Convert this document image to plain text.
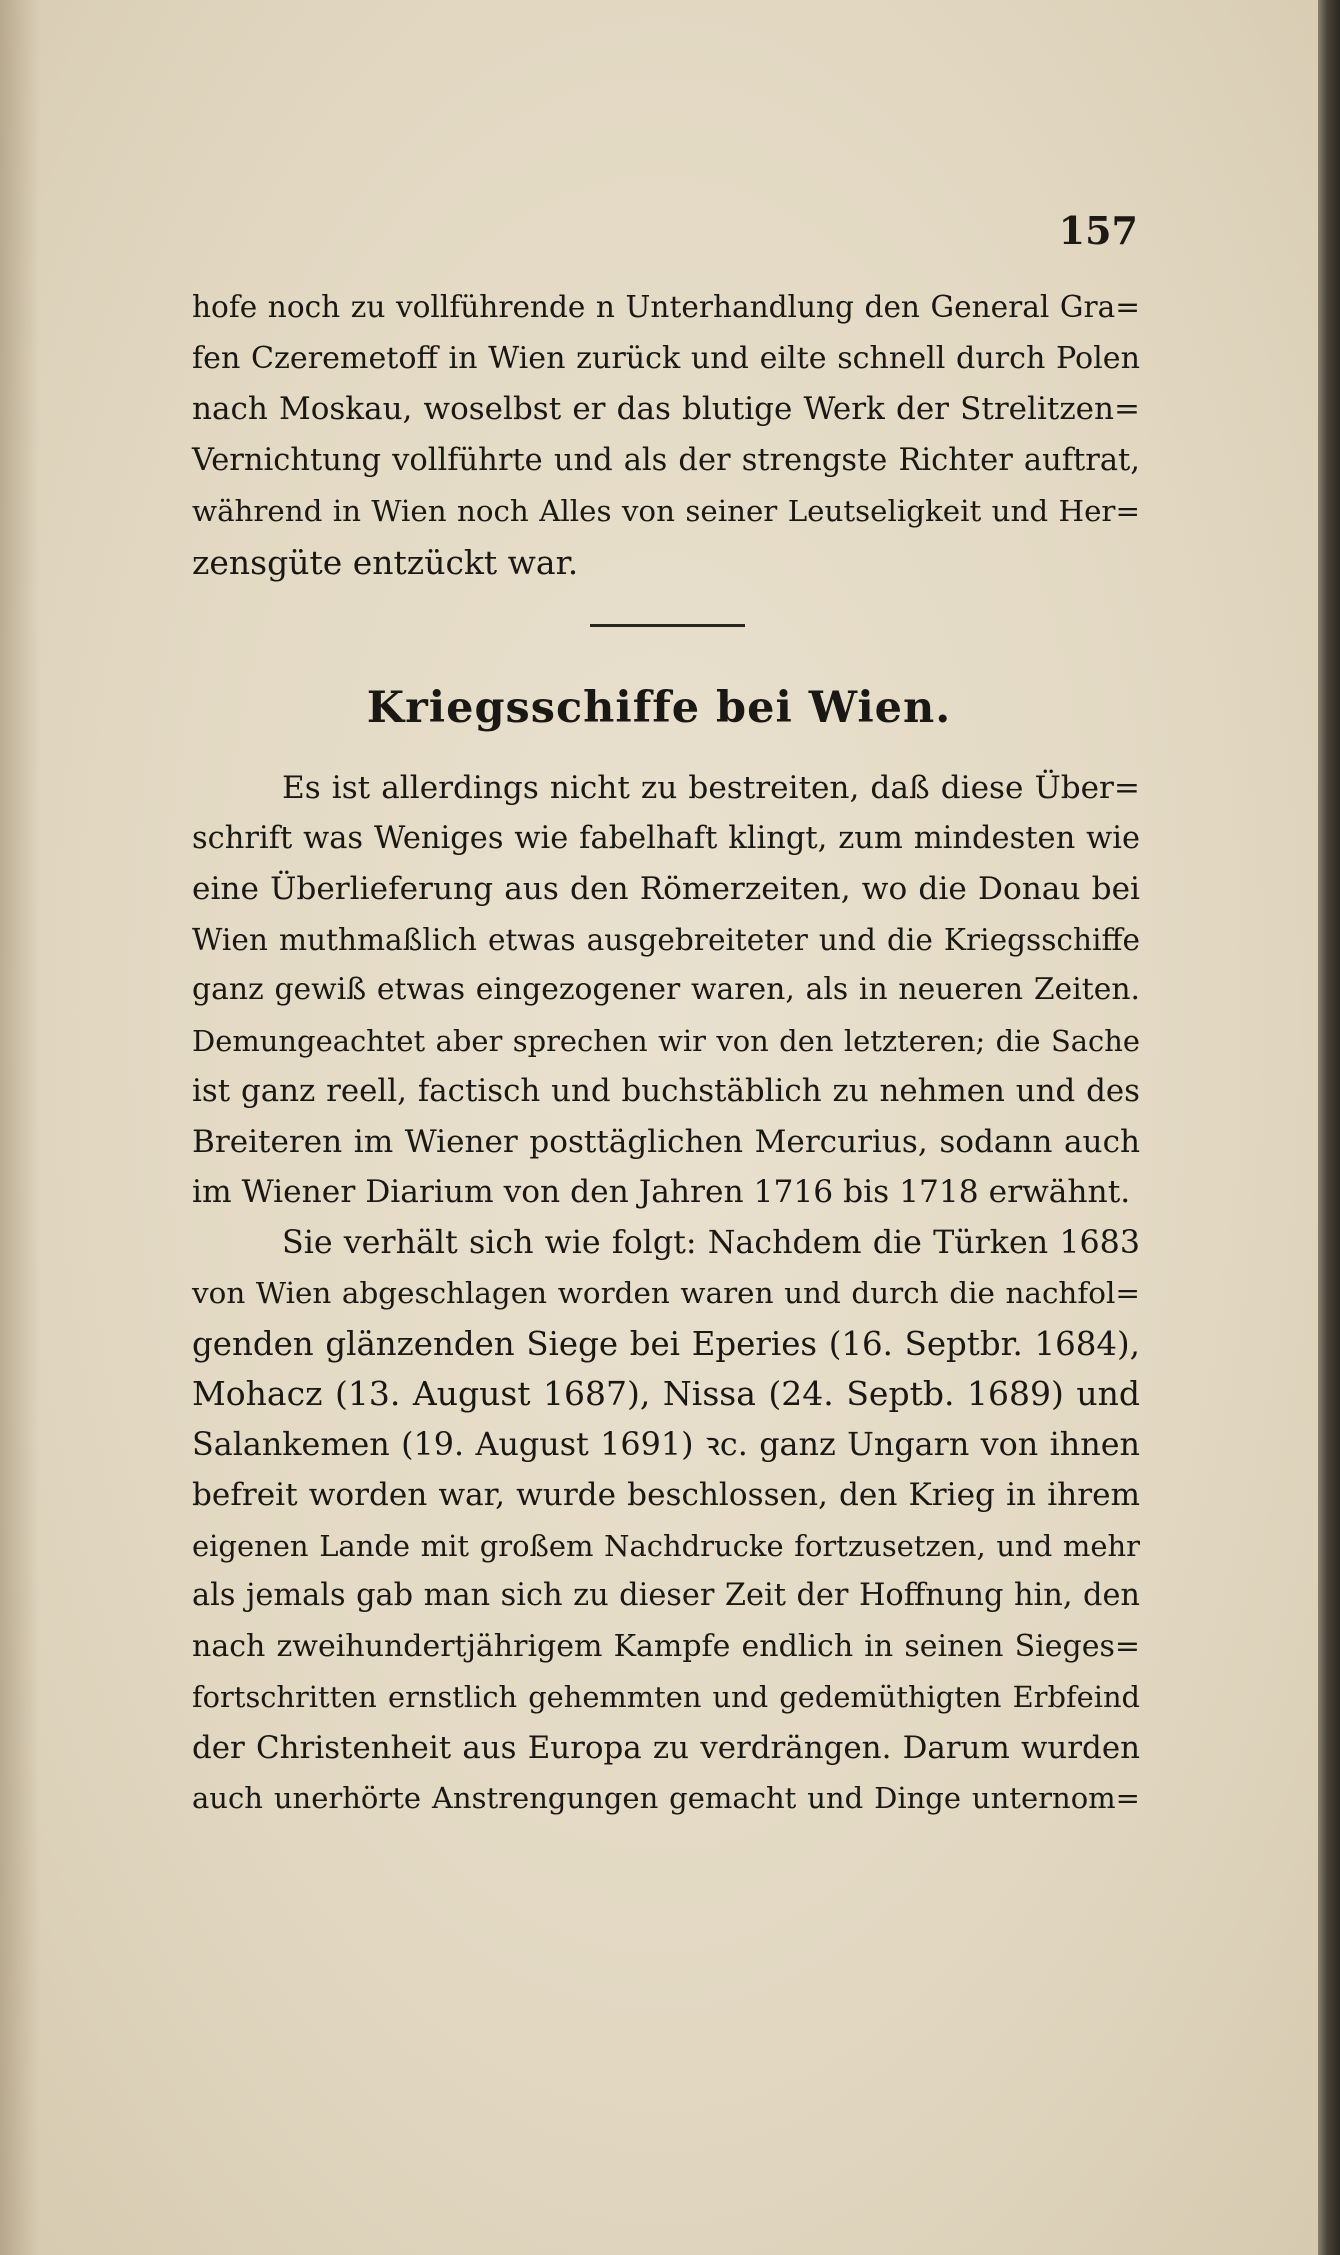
157
hofe noch zu vollführende n Unterhandlung den General Gra=
fen Czeremetoff in Wien zurück und eilte schnell durch Polen
nach Moskau, woselbst er das blutige Werk der Strelitzen=
Vernichtung vollführte und als der strengste Richter auftrat,
während in Wien noch Alles von seiner Leutseligkeit und Her=
zensgüte entzückt war.
Kriegsschiffe bei Wien.
Es ist allerdings nicht zu bestreiten, daß diese Über=
schrift was Weniges wie fabelhaft klingt, zum mindesten wie
eine Überlieferung aus den Römerzeiten, wo die Donau bei
Wien muthmaßlich etwas ausgebreiteter und die Kriegsschiffe
ganz gewiß etwas eingezogener waren, als in neueren Zeiten.
Demungeachtet aber sprechen wir von den letzteren; die Sache
ist ganz reell, factisch und buchstäblich zu nehmen und des
Breiteren im Wiener posttäglichen Mercurius, sodann auch
im Wiener Diarium von den Jahren 1716 bis 1718 erwähnt.
Sie verhält sich wie folgt: Nachdem die Türken 1683
von Wien abgeschlagen worden waren und durch die nachfol=
genden glänzenden Siege bei Eperies (16. Septbr. 1684),
Mohacz (13. August 1687), Nissa (24. Septb. 1689) und
Salankemen (19. August 1691) ꝛc. ganz Ungarn von ihnen
befreit worden war, wurde beschlossen, den Krieg in ihrem
eigenen Lande mit großem Nachdrucke fortzusetzen, und mehr
als jemals gab man sich zu dieser Zeit der Hoffnung hin, den
nach zweihundertjährigem Kampfe endlich in seinen Sieges=
fortschritten ernstlich gehemmten und gedemüthigten Erbfeind
der Christenheit aus Europa zu verdrängen. Darum wurden
auch unerhörte Anstrengungen gemacht und Dinge unternom=
